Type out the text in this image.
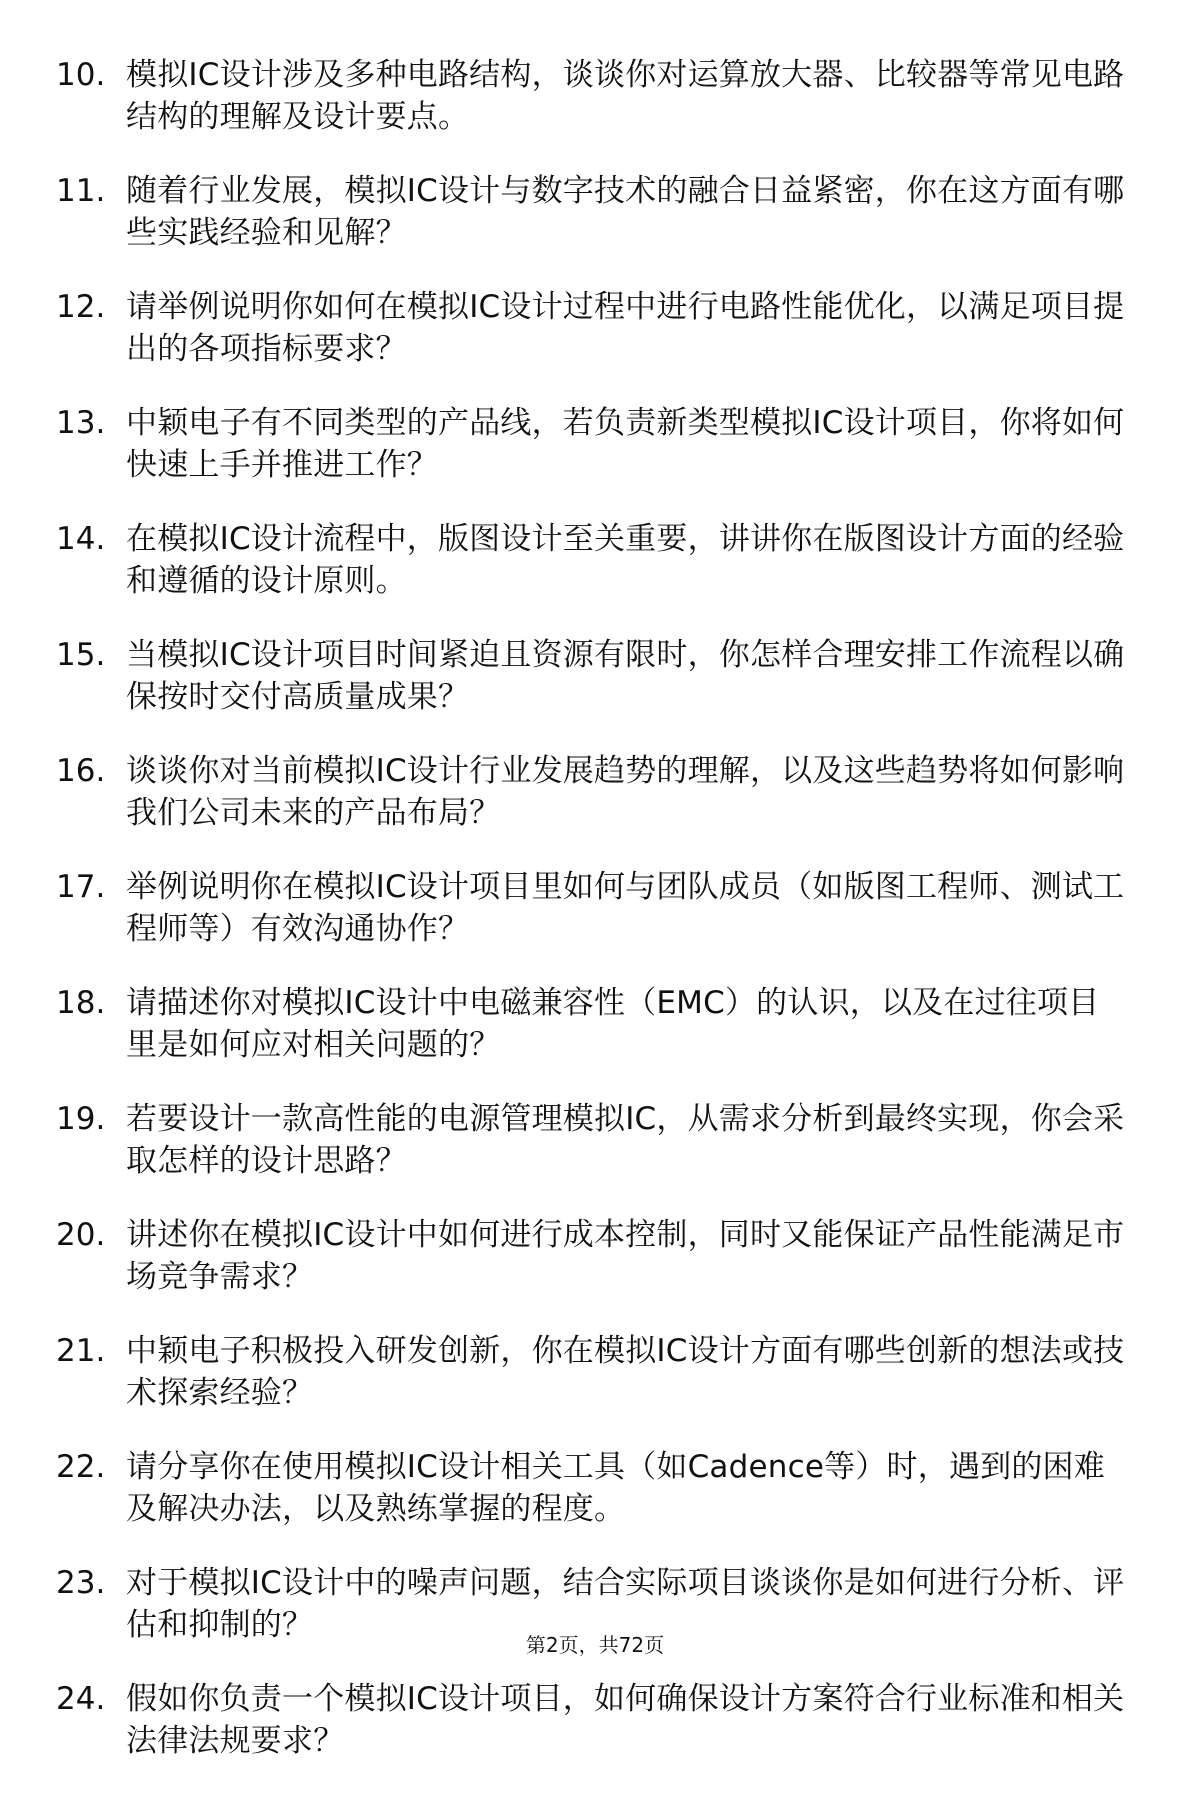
10. 模拟IC设计涉及多种电路结构，谈谈你对运算放大器、比较器等常见电路结构的理解及设计要点。
11. 随着行业发展，模拟IC设计与数字技术的融合日益紧密，你在这方面有哪些实践经验和见解？
12. 请举例说明你如何在模拟IC设计过程中进行电路性能优化，以满足项目提出的各项指标要求？
13. 中颖电子有不同类型的产品线，若负责新类型模拟IC设计项目，你将如何快速上手并推进工作？
14. 在模拟IC设计流程中，版图设计至关重要，讲讲你在版图设计方面的经验和遵循的设计原则。
15. 当模拟IC设计项目时间紧迫且资源有限时，你怎样合理安排工作流程以确保按时交付高质量成果？
16. 谈谈你对当前模拟IC设计行业发展趋势的理解，以及这些趋势将如何影响我们公司未来的产品布局？
17. 举例说明你在模拟IC设计项目里如何与团队成员（如版图工程师、测试工程师等）有效沟通协作？
18. 请描述你对模拟IC设计中电磁兼容性（EMC）的认识，以及在过往项目里是如何应对相关问题的？
19. 若要设计一款高性能的电源管理模拟IC，从需求分析到最终实现，你会采取怎样的设计思路？
20. 讲述你在模拟IC设计中如何进行成本控制，同时又能保证产品性能满足市场竞争需求？
21. 中颖电子积极投入研发创新，你在模拟IC设计方面有哪些创新的想法或技术探索经验？
22. 请分享你在使用模拟IC设计相关工具（如Cadence等）时，遇到的困难及解决办法，以及熟练掌握的程度。
23. 对于模拟IC设计中的噪声问题，结合实际项目谈谈你是如何进行分析、评估和抑制的？
24. 假如你负责一个模拟IC设计项目，如何确保设计方案符合行业标准和相关法律法规要求？
第2页，共72页
